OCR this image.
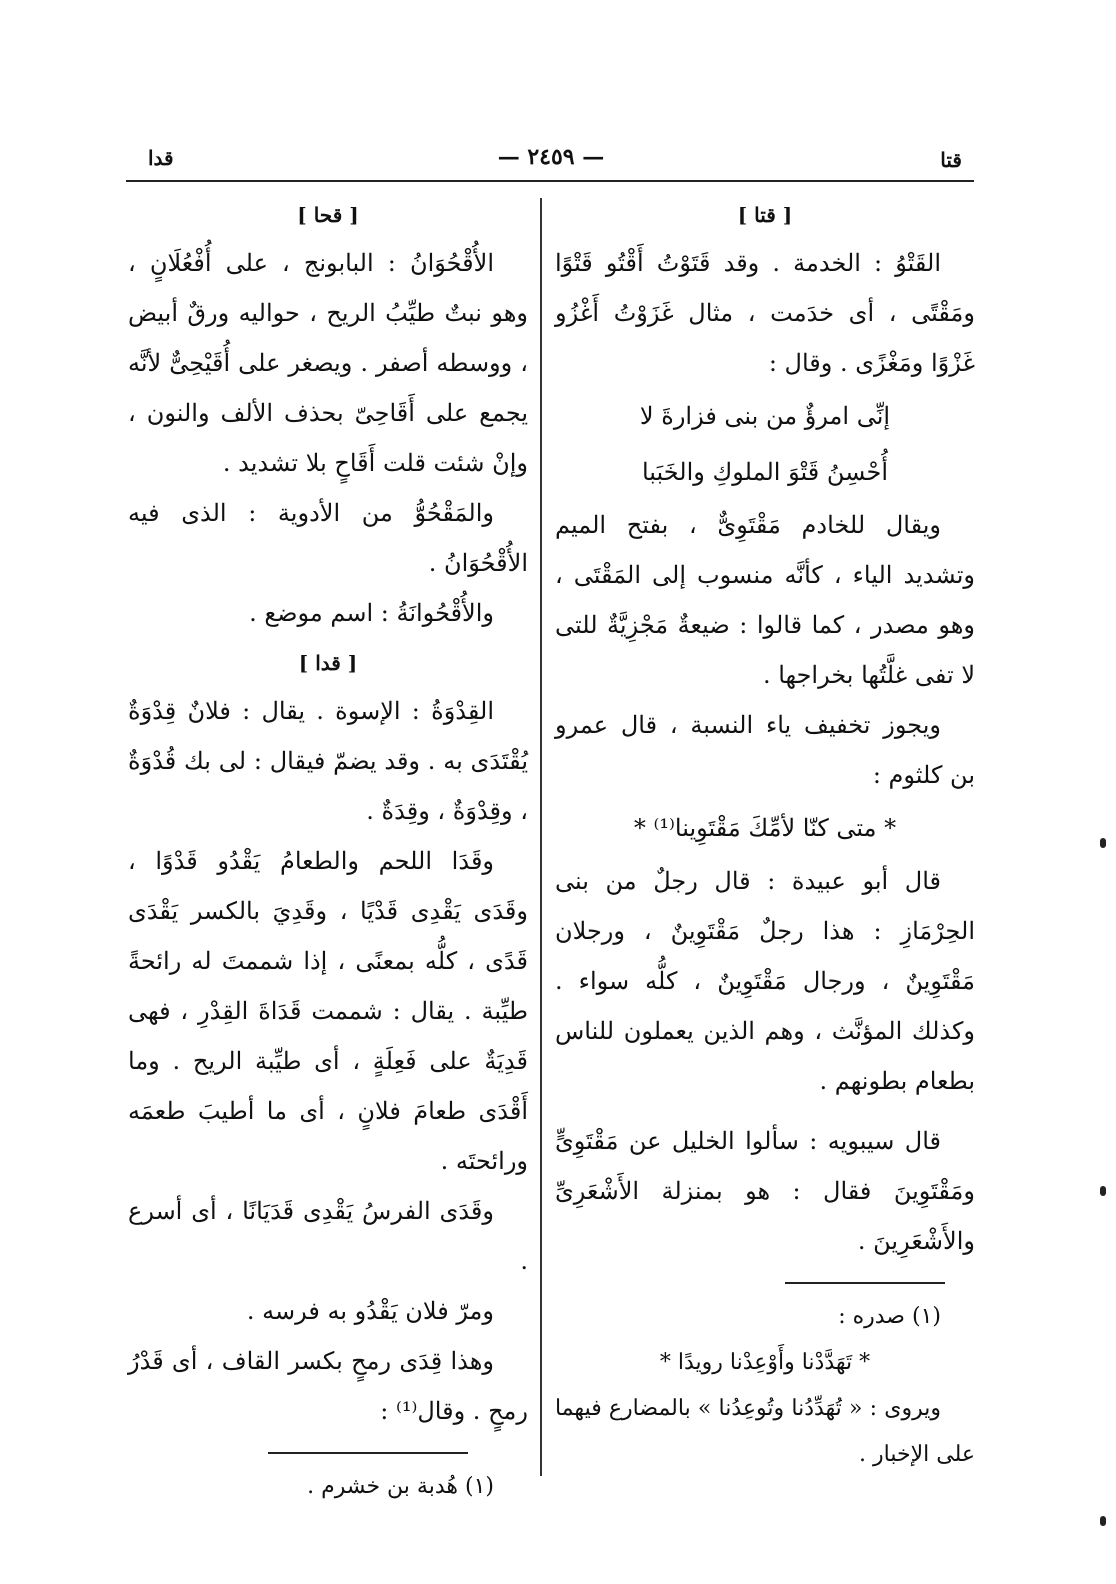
قدا	— ٢٤٥٩ —	قتا
[ قتا ]

القَتْوُ : الخدمة . وقد قَتَوْتُ أَقْتُو قَتْوًا ومَقْتًى ، أى خدَمت ، مثال غَزَوْتُ أَغْزُو غَزْوًا ومَغْزًى . وقال :

إنِّى امرؤٌ من بنى فزارةَ لا

أُحْسِنُ قَتْوَ الملوكِ والخَبَبا

ويقال للخادم مَقْتَوِىٌّ ، بفتح الميم وتشديد الياء ، كأنَّه منسوب إلى المَقْتَى ، وهو مصدر ، كما قالوا : ضيعةٌ مَجْزِيَّةٌ للتى لا تفى غلَّتُها بخراجها .

ويجوز تخفيف ياء النسبة ، قال عمرو بن كلثوم :

* متى كنّا لأمِّكَ مَقْتَوِينا⁽¹⁾ *

قال أبو عبيدة : قال رجلٌ من بنى الحِرْمَازِ : هذا رجلٌ مَقْتَوِينٌ ، ورجلان مَقْتَوِينٌ ، ورجال مَقْتَوِينٌ ، كلُّه سواء . وكذلك المؤنَّث ، وهم الذين يعملون للناس بطعام بطونهم .

قال سيبويه : سألوا الخليل عن مَقْتَوِىٍّ ومَقْتَوِينَ فقال : هو بمنزلة الأَشْعَرِىِّ والأَشْعَرِينَ .

(١) صدره :

* تَهَدَّدْنا وأَوْعِدْنا رويدًا *

ويروى : « تُهَدِّدُنا وتُوعِدُنا » بالمضارع فيهما على الإخبار .

[ قحا ]

الأُقْحُوَانُ : البابونج ، على أُفْعُلَانٍ ، وهو نبتٌ طيِّبُ الريح ، حواليه ورقٌ أبيض ، ووسطه أصفر . ويصغر على أُقَيْحِىٌّ لأنَّه يجمع على أَقَاحِىّ بحذف الألف والنون ، وإنْ شئت قلت أَقَاحٍ بلا تشديد .

والمَقْحُوُّ من الأدوية : الذى فيه الأُقْحُوَانُ .

والأُقْحُوانَةُ : اسم موضع .

[ قدا ]

القِدْوَةُ : الإسوة . يقال : فلانٌ قِدْوَةٌ يُقْتَدَى به . وقد يضمّ فيقال : لى بك قُدْوَةٌ ، وقِدْوَةٌ ، وقِدَةٌ .

وقَدَا اللحم والطعامُ يَقْدُو قَدْوًا ، وقَدَى يَقْدِى قَدْيًا ، وقَدِيَ بالكسر يَقْدَى قَدًى ، كلُّه بمعنًى ، إذا شممتَ له رائحةً طيِّبة . يقال : شممت قَدَاةَ القِدْرِ ، فهى قَدِيَةٌ على فَعِلَةٍ ، أى طيِّبة الريح . وما أَقْدَى طعامَ فلانٍ ، أى ما أطيبَ طعمَه ورائحتَه .

وقَدَى الفرسُ يَقْدِى قَدَيَانًا ، أى أسرع .

ومرّ فلان يَقْدُو به فرسه .

وهذا قِدَى رمحٍ بكسر القاف ، أى قَدْرُ رمحٍ . وقال⁽¹⁾ :

(١) هُدبة بن خشرم .
